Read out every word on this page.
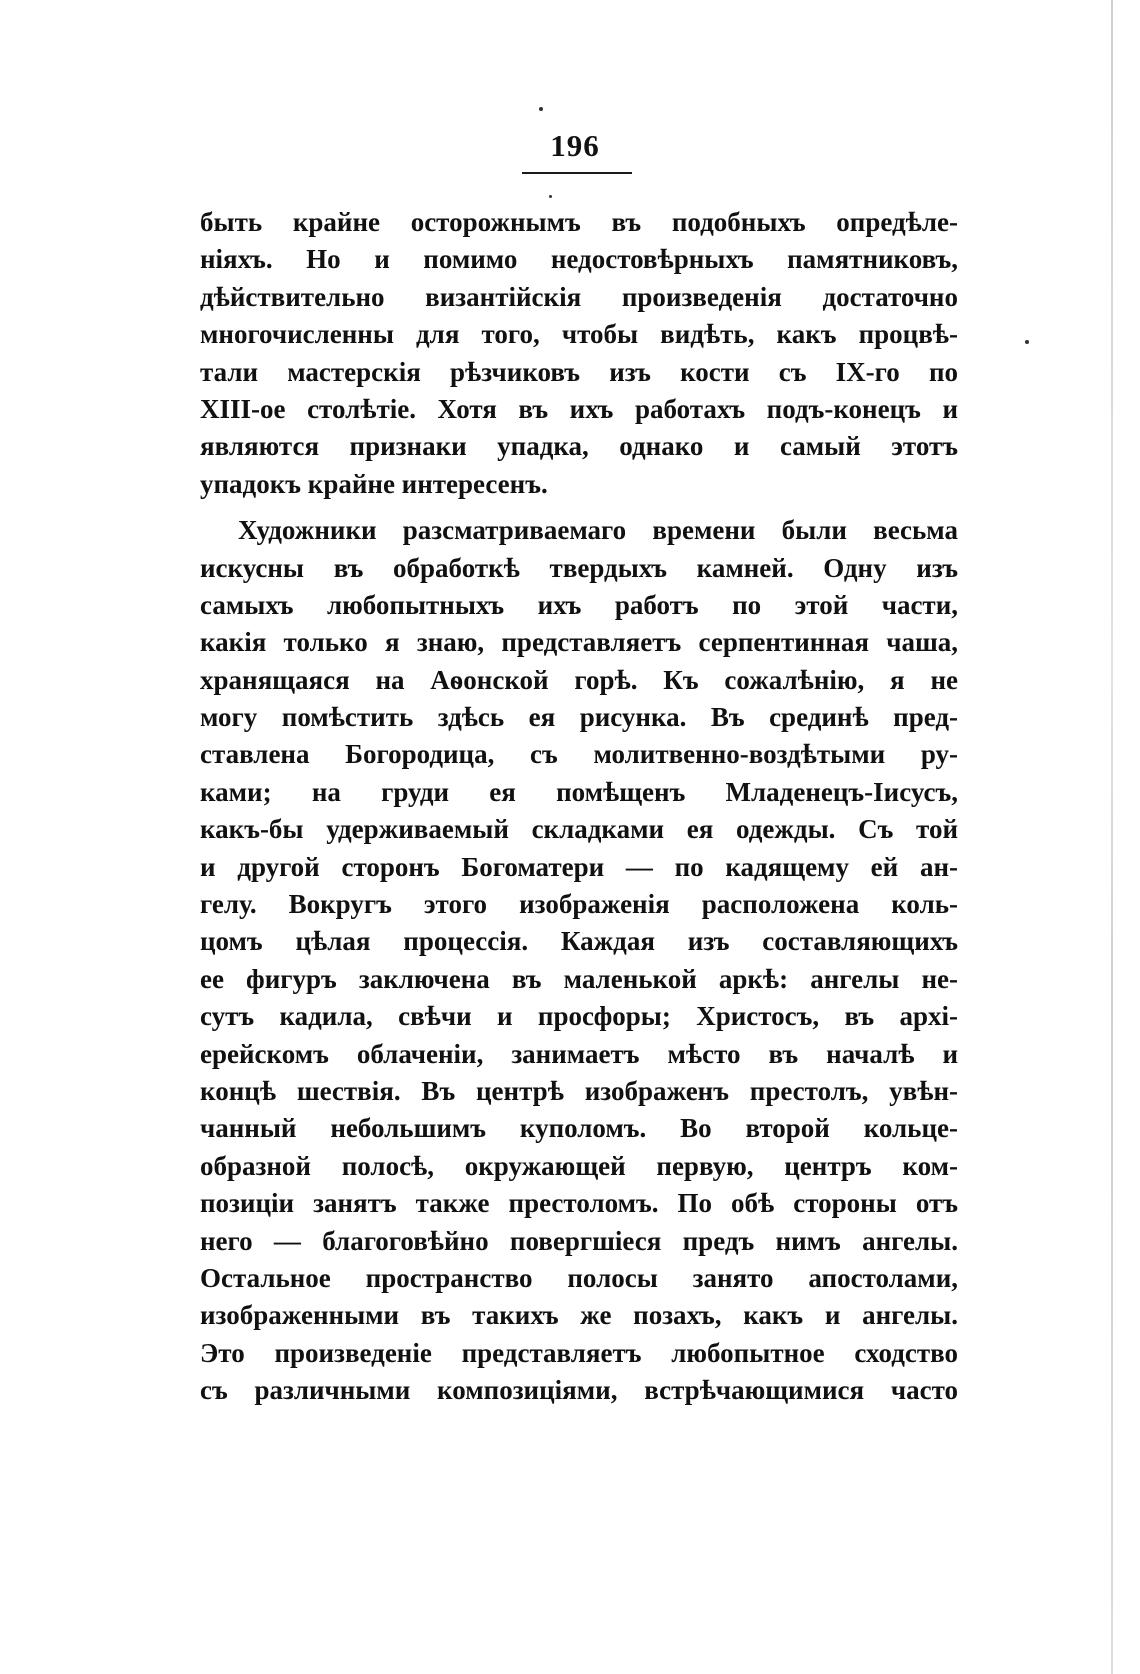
196
быть крайне осторожнымъ въ подобныхъ опредѣле-
ніяхъ. Но и помимо недостовѣрныхъ памятниковъ,
дѣйствительно византійскія произведенія достаточно
многочисленны для того, чтобы видѣть, какъ процвѣ-
тали мастерскія рѣзчиковъ изъ кости съ IX-го по
XIII-ое столѣтіе. Хотя въ ихъ работахъ подъ-конецъ и
являются признаки упадка, однако и самый этотъ
упадокъ крайне интересенъ.
Художники разсматриваемаго времени были весьма
искусны въ обработкѣ твердыхъ камней. Одну изъ
самыхъ любопытныхъ ихъ работъ по этой части,
какія только я знаю, представляетъ серпентинная чаша,
хранящаяся на Аѳонской горѣ. Къ сожалѣнію, я не
могу помѣстить здѣсь ея рисунка. Въ срединѣ пред-
ставлена Богородица, съ молитвенно-воздѣтыми ру-
ками; на груди ея помѣщенъ Младенецъ-Іисусъ,
какъ-бы удерживаемый складками ея одежды. Съ той
и другой сторонъ Богоматери — по кадящему ей ан-
гелу. Вокругъ этого изображенія расположена коль-
цомъ цѣлая процессія. Каждая изъ составляющихъ
ее фигуръ заключена въ маленькой аркѣ: ангелы не-
сутъ кадила, свѣчи и просфоры; Христосъ, въ архі-
ерейскомъ облаченіи, занимаетъ мѣсто въ началѣ и
концѣ шествія. Въ центрѣ изображенъ престолъ, увѣн-
чанный небольшимъ куполомъ. Во второй кольце-
образной полосѣ, окружающей первую, центръ ком-
позиціи занятъ также престоломъ. По обѣ стороны отъ
него — благоговѣйно повергшіеся предъ нимъ ангелы.
Остальное пространство полосы занято апостолами,
изображенными въ такихъ же позахъ, какъ и ангелы.
Это произведеніе представляетъ любопытное сходство
съ различными композиціями, встрѣчающимися часто
